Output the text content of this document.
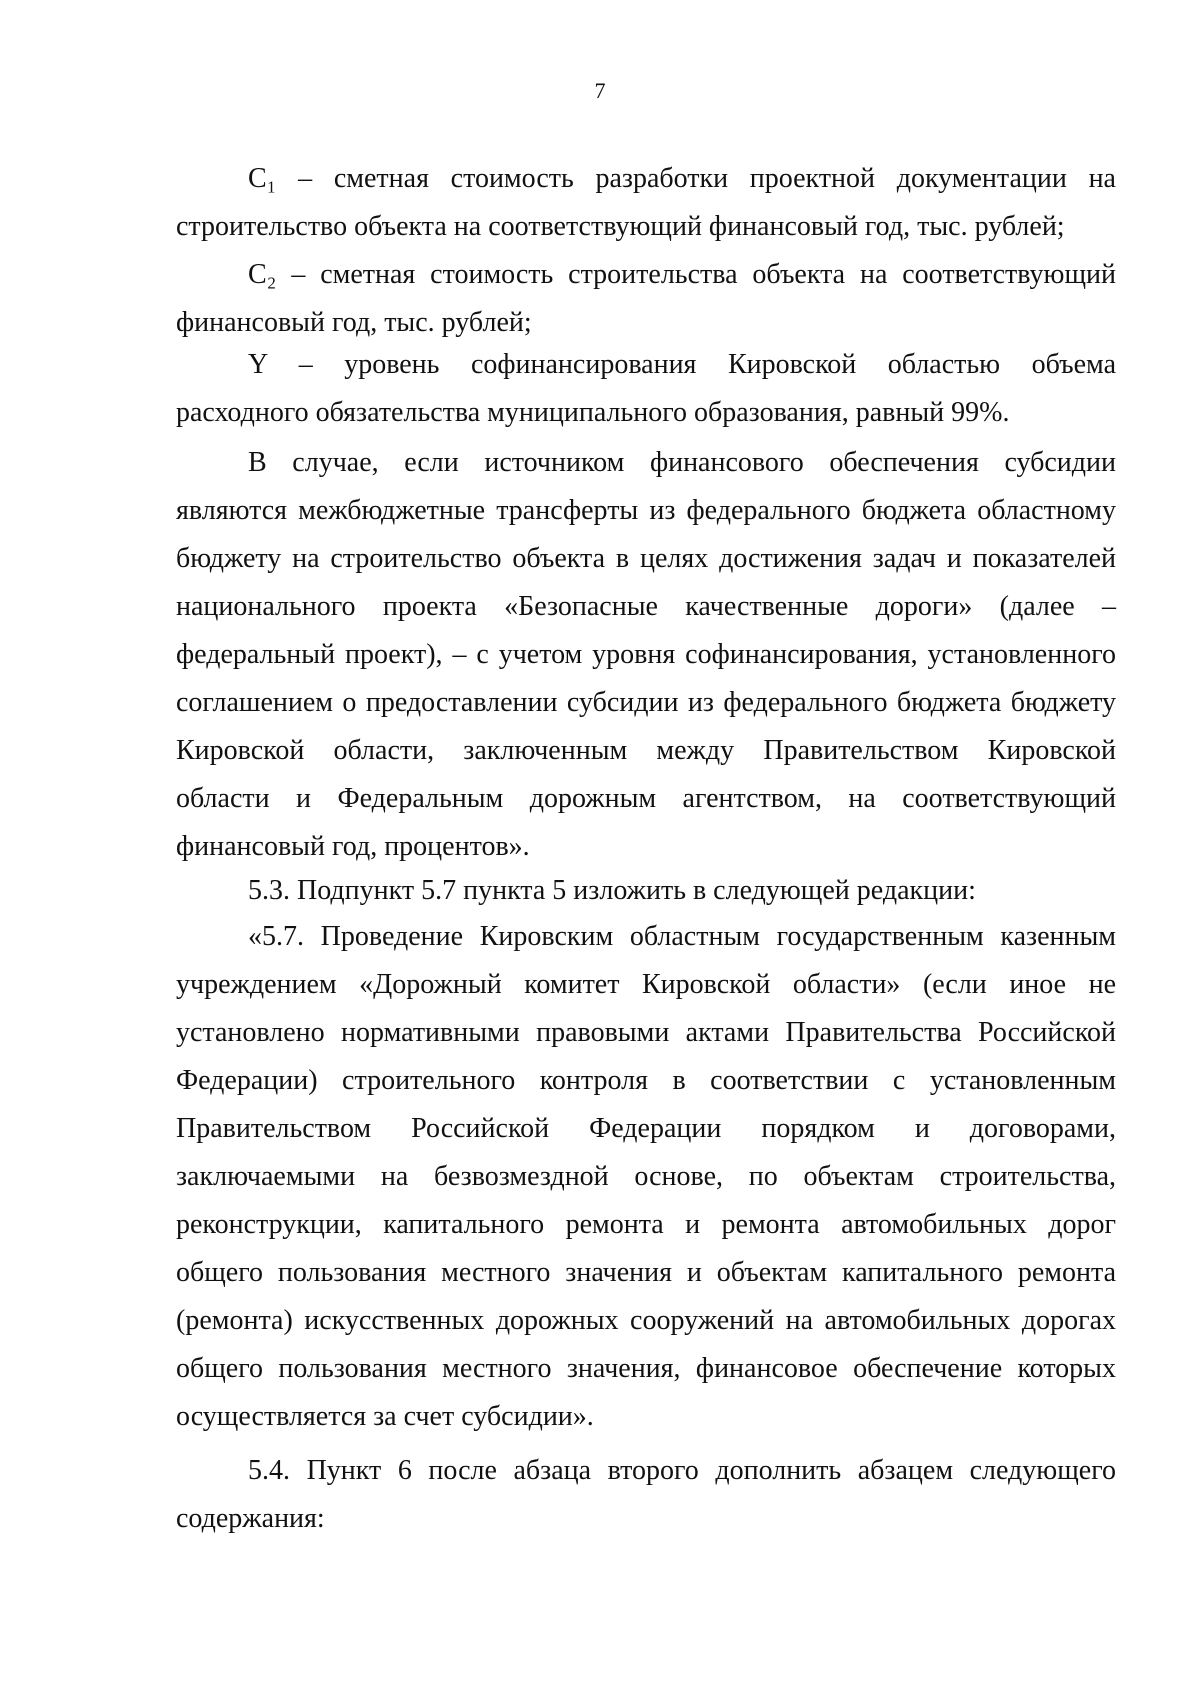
7
C₁ – сметная стоимость разработки проектной документации на
строительство объекта на соответствующий финансовый год, тыс. рублей;
C₂ – сметная стоимость строительства объекта на соответствующий
финансовый год, тыс. рублей;
Y – уровень софинансирования Кировской областью объема
расходного обязательства муниципального образования, равный 99%.
В случае, если источником финансового обеспечения субсидии
являются межбюджетные трансферты из федерального бюджета областному
бюджету на строительство объекта в целях достижения задач и показателей
национального проекта «Безопасные качественные дороги» (далее –
федеральный проект), – с учетом уровня софинансирования, установленного
соглашением о предоставлении субсидии из федерального бюджета бюджету
Кировской области, заключенным между Правительством Кировской
области и Федеральным дорожным агентством, на соответствующий
финансовый год, процентов».
5.3. Подпункт 5.7 пункта 5 изложить в следующей редакции:
«5.7. Проведение Кировским областным государственным казенным
учреждением «Дорожный комитет Кировской области» (если иное не
установлено нормативными правовыми актами Правительства Российской
Федерации) строительного контроля в соответствии с установленным
Правительством Российской Федерации порядком и договорами,
заключаемыми на безвозмездной основе, по объектам строительства,
реконструкции, капитального ремонта и ремонта автомобильных дорог
общего пользования местного значения и объектам капитального ремонта
(ремонта) искусственных дорожных сооружений на автомобильных дорогах
общего пользования местного значения, финансовое обеспечение которых
осуществляется за счет субсидии».
5.4. Пункт 6 после абзаца второго дополнить абзацем следующего
содержания:
